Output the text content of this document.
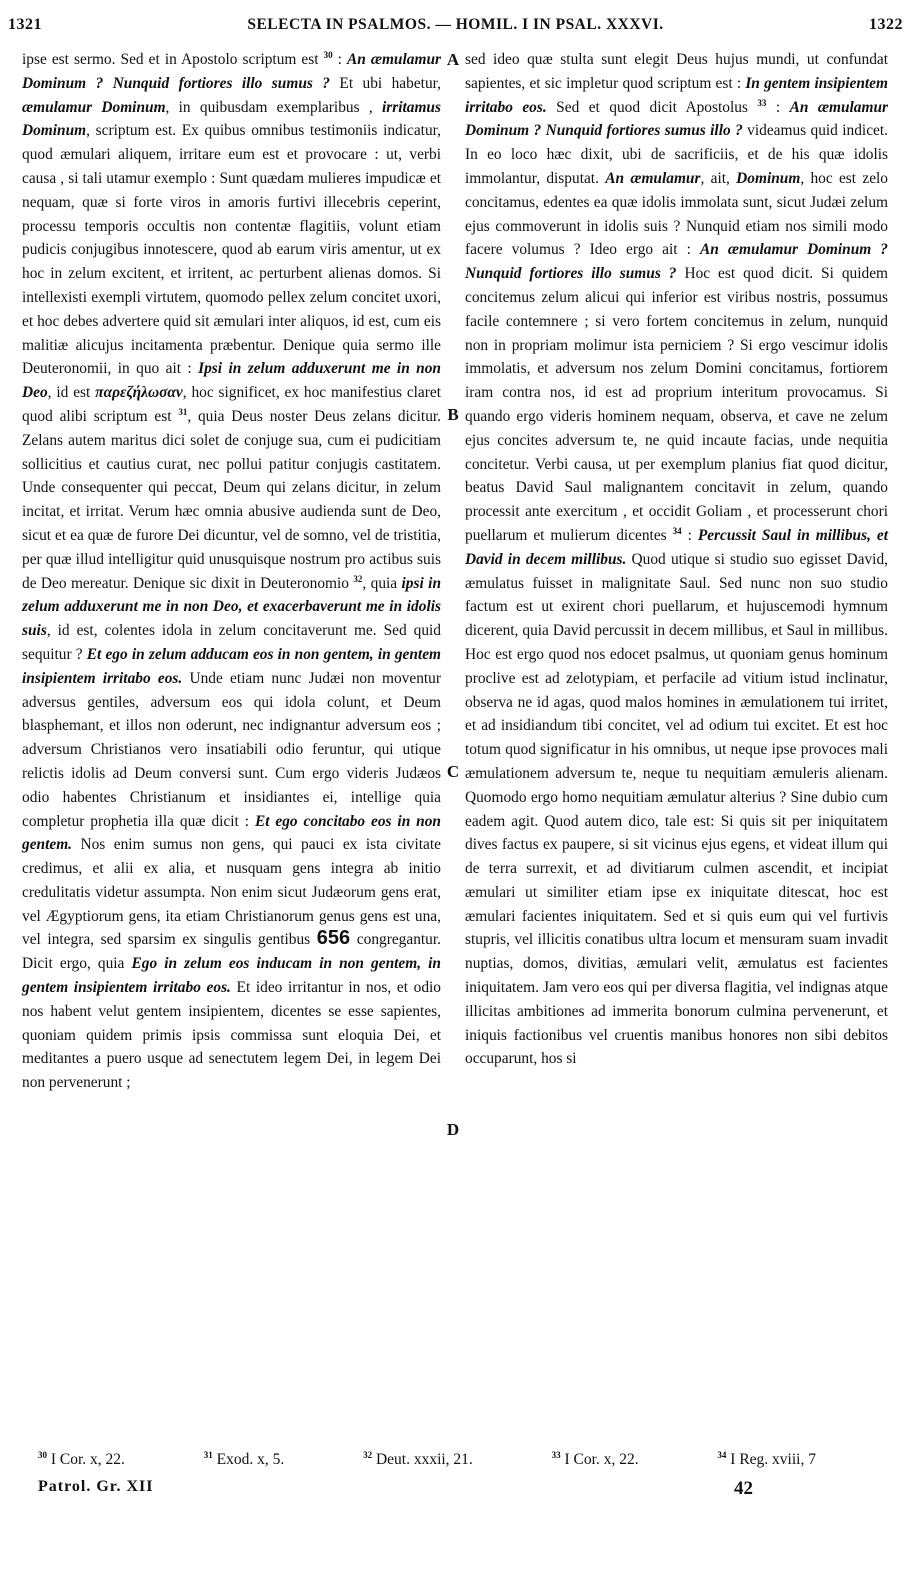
1321	SELECTA IN PSALMOS. — HOMIL. I IN PSAL. XXXVI.	1322

ipse est sermo. Sed et in Apostolo scriptum est $^{30}$ : An æmulamur Dominum ? Nunquid fortiores illo sumus ? Et ubi habetur, æmulamur Dominum, in quibusdam exemplaribus , irritamus Dominum, scriptum est. Ex quibus omnibus testimoniis indicatur, quod æmulari aliquem, irritare eum est et provocare : ut, verbi causa , si tali utamur exemplo : Sunt quædam mulieres impudicæ et nequam, quæ si forte viros in amoris furtivi illecebris ceperint, processu temporis occultis non contentæ flagitiis, volunt etiam pudicis conjugibus innotescere, quod ab earum viris amentur, ut ex hoc in zelum excitent, et irritent, ac perturbent alienas domos. Si intellexisti exempli virtutem, quomodo pellex zelum concitet uxori, et hoc debes advertere quid sit æmulari inter aliquos, id est, cum eis malitiæ alicujus incitamenta præbentur. Denique quia sermo ille Deuteronomii, in quo ait : Ipsi in zelum adduxerunt me in non Deo, id est παρεζήλωσαν, hoc significet, ex hoc manifestius claret quod alibi scriptum est $^{31}$, quia Deus noster Deus zelans dicitur. Zelans autem maritus dici solet de conjuge sua, cum ei pudicitiam sollicitius et cautius curat, nec pollui patitur conjugis castitatem. Unde consequenter qui peccat, Deum qui zelans dicitur, in zelum incitat, et irritat. Verum hæc omnia abusive audienda sunt de Deo, sicut et ea quæ de furore Dei dicuntur, vel de somno, vel de tristitia, per quæ illud intelligitur quid unusquisque nostrum pro actibus suis de Deo mereatur. Denique sic dixit in Deuteronomio $^{32}$, quia ipsi in zelum adduxerunt me in non Deo, et exacerbaverunt me in idolis suis, id est, colentes idola in zelum concitaverunt me. Sed quid sequitur ? Et ego in zelum adducam eos in non gentem, in gentem insipientem irritabo eos. Unde etiam nunc Judæi non moventur adversus gentiles, adversum eos qui idola colunt, et Deum blasphemant, et illos non oderunt, nec indignantur adversum eos ; adversum Christianos vero insatiabili odio feruntur, qui utique relictis idolis ad Deum conversi sunt. Cum ergo videris Judæos odio habentes Christianum et insidiantes ei, intellige quia completur prophetia illa quæ dicit : Et ego concitabo eos in non gentem. Nos enim sumus non gens, qui pauci ex ista civitate credimus, et alii ex alia, et nusquam gens integra ab initio credulitatis videtur assumpta. Non enim sicut Judæorum gens erat, vel Ægyptiorum gens, ita etiam Christianorum genus gens est una, vel integra, sed sparsim ex singulis gentibus 656 congregantur. Dicit ergo, quia Ego in zelum eos inducam in non gentem, in gentem insipientem irritabo eos. Et ideo irritantur in nos, et odio nos habent velut gentem insipientem, dicentes se esse sapientes, quoniam quidem primis ipsis commissa sunt eloquia Dei, et meditantes a puero usque ad senectutem legem Dei, in legem Dei non pervenerunt ;

A
B
C
D

sed ideo quæ stulta sunt elegit Deus hujus mundi, ut confundat sapientes, et sic impletur quod scriptum est : In gentem insipientem irritabo eos. Sed et quod dicit Apostolus $^{33}$ : An æmulamur Dominum ? Nunquid fortiores sumus illo ? videamus quid indicet. In eo loco hæc dixit, ubi de sacrificiis, et de his quæ idolis immolantur, disputat. An æmulamur, ait, Dominum, hoc est zelo concitamus, edentes ea quæ idolis immolata sunt, sicut Judæi zelum ejus commoverunt in idolis suis ? Nunquid etiam nos simili modo facere volumus ? Ideo ergo ait : An æmulamur Dominum ? Nunquid fortiores illo sumus ? Hoc est quod dicit. Si quidem concitemus zelum alicui qui inferior est viribus nostris, possumus facile contemnere ; si vero fortem concitemus in zelum, nunquid non in propriam molimur ista perniciem ? Si ergo vescimur idolis immolatis, et adversum nos zelum Domini concitamus, fortiorem iram contra nos, id est ad proprium interitum provocamus. Si quando ergo videris hominem nequam, observa, et cave ne zelum ejus concites adversum te, ne quid incaute facias, unde nequitia concitetur. Verbi causa, ut per exemplum planius fiat quod dicitur, beatus David Saul malignantem concitavit in zelum, quando processit ante exercitum , et occidit Goliam , et processerunt chori puellarum et mulierum dicentes $^{34}$ : Percussit Saul in millibus, et David in decem millibus. Quod utique si studio suo egisset David, æmulatus fuisset in malignitate Saul. Sed nunc non suo studio factum est ut exirent chori puellarum, et hujuscemodi hymnum dicerent, quia David percussit in decem millibus, et Saul in millibus. Hoc est ergo quod nos edocet psalmus, ut quoniam genus hominum proclive est ad zelotypiam, et perfacile ad vitium istud inclinatur, observa ne id agas, quod malos homines in æmulationem tui irritet, et ad insidiandum tibi concitet, vel ad odium tui excitet. Et est hoc totum quod significatur in his omnibus, ut neque ipse provoces mali æmulationem adversum te, neque tu nequitiam æmuleris alienam. Quomodo ergo homo nequitiam æmulatur alterius ? Sine dubio cum eadem agit. Quod autem dico, tale est: Si quis sit per iniquitatem dives factus ex paupere, si sit vicinus ejus egens, et videat illum qui de terra surrexit, et ad divitiarum culmen ascendit, et incipiat æmulari ut similiter etiam ipse ex iniquitate ditescat, hoc est æmulari facientes iniquitatem. Sed et si quis eum qui vel furtivis stupris, vel illicitis conatibus ultra locum et mensuram suam invadit nuptias, domos, divitias, æmulari velit, æmulatus est facientes iniquitatem. Jam vero eos qui per diversa flagitia, vel indignas atque illicitas ambitiones ad immerita bonorum culmina pervenerunt, et iniquis factionibus vel cruentis manibus honores non sibi debitos occuparunt, hos si

$^{30}$ I Cor. x, 22.	$^{31}$ Exod. x, 5.	$^{32}$ Deut. xxxii, 21.	$^{33}$ I Cor. x, 22.	$^{34}$ I Reg. xviii, 7
Patrol. Gr. XII	42
